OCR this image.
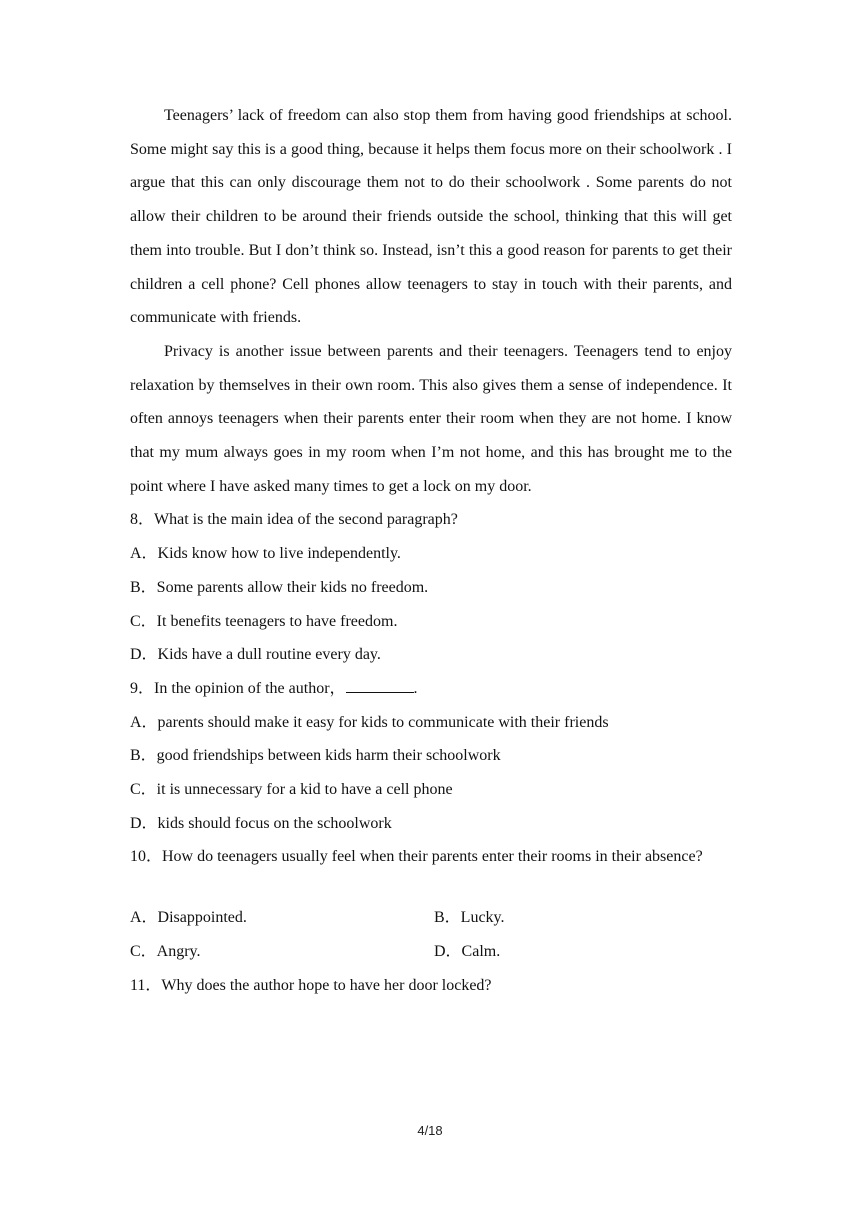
Teenagers’ lack of freedom can also stop them from having good friendships at school. Some might say this is a good thing, because it helps them focus more on their schoolwork . I argue that this can only discourage them not to do their schoolwork . Some parents do not allow their children to be around their friends outside the school, thinking that this will get them into trouble. But I don’t think so. Instead, isn’t this a good reason for parents to get their children a cell phone? Cell phones allow teenagers to stay in touch with their parents, and communicate with friends.

Privacy is another issue between parents and their teenagers. Teenagers tend to enjoy relaxation by themselves in their own room. This also gives them a sense of independence. It often annoys teenagers when their parents enter their room when they are not home. I know that my mum always goes in my room when I’m not home, and this has brought me to the point where I have asked many times to get a lock on my door.

8．What is the main idea of the second paragraph?

A．Kids know how to live independently.

B．Some parents allow their kids no freedom.

C．It benefits teenagers to have freedom.

D．Kids have a dull routine every day.

9．In the opinion of the author，	.

A．parents should make it easy for kids to communicate with their friends

B．good friendships between kids harm their schoolwork

C．it is unnecessary for a kid to have a cell phone

D．kids should focus on the schoolwork

10．How do teenagers usually feel when their parents enter their rooms in their absence?

A．Disappointed.	B．Lucky.
C．Angry.	D．Calm.

11．Why does the author hope to have her door locked?

4/18
